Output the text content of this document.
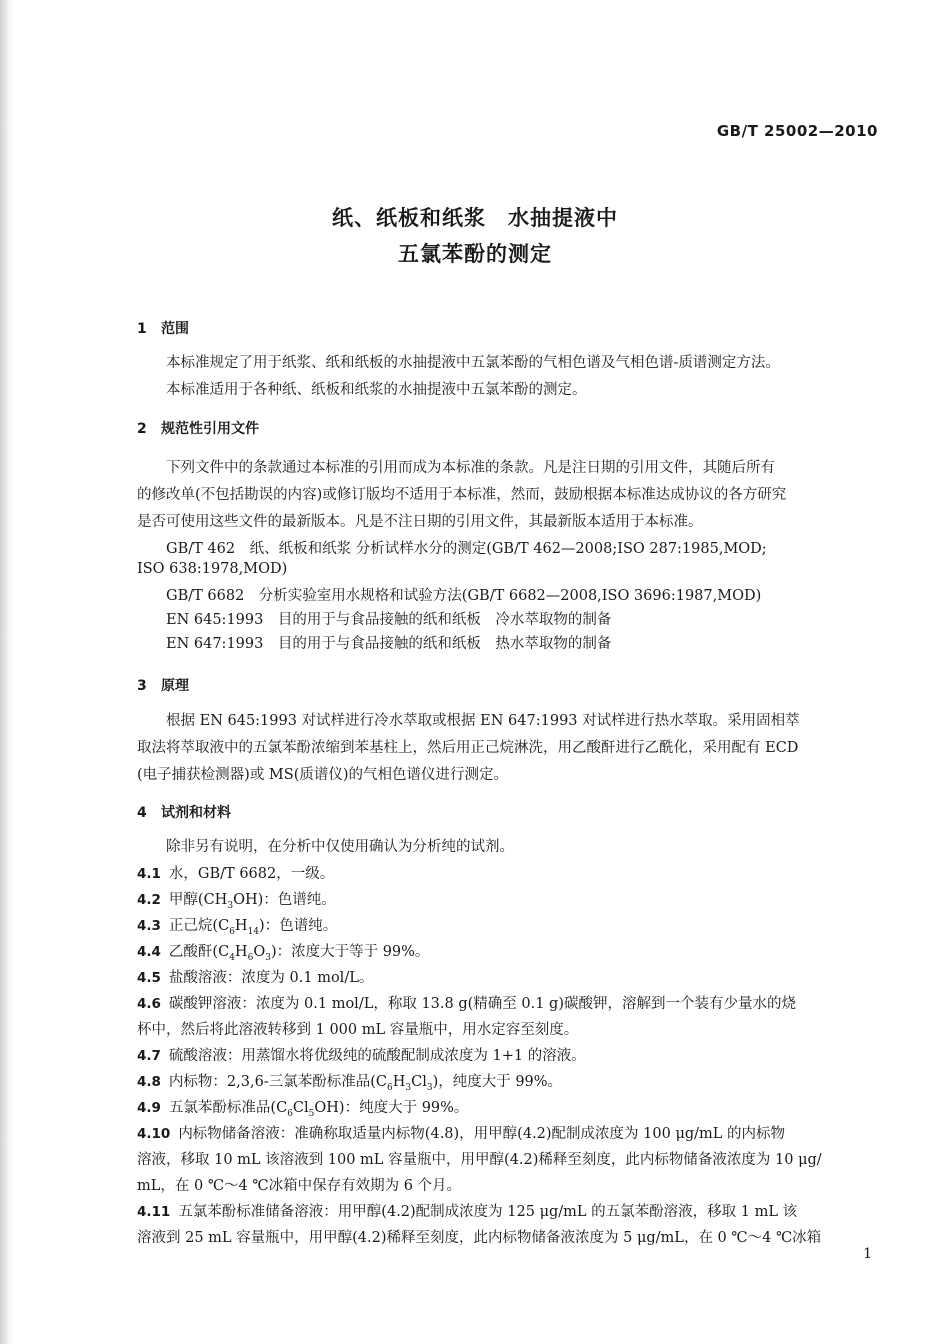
GB/T 25002—2010
纸、纸板和纸浆 水抽提液中
五氯苯酚的测定
1 范围
本标准规定了用于纸浆、纸和纸板的水抽提液中五氯苯酚的气相色谱及气相色谱-质谱测定方法。
本标准适用于各种纸、纸板和纸浆的水抽提液中五氯苯酚的测定。
2 规范性引用文件
下列文件中的条款通过本标准的引用而成为本标准的条款。凡是注日期的引用文件，其随后所有
的修改单(不包括勘误的内容)或修订版均不适用于本标准，然而，鼓励根据本标准达成协议的各方研究
是否可使用这些文件的最新版本。凡是不注日期的引用文件，其最新版本适用于本标准。
GB/T 462　纸、纸板和纸浆 分析试样水分的测定(GB/T 462—2008;ISO 287:1985,MOD;
ISO 638:1978,MOD)
GB/T 6682　分析实验室用水规格和试验方法(GB/T 6682—2008,ISO 3696:1987,MOD)
EN 645:1993　目的用于与食品接触的纸和纸板　冷水萃取物的制备
EN 647:1993　目的用于与食品接触的纸和纸板　热水萃取物的制备
3 原理
根据 EN 645:1993 对试样进行冷水萃取或根据 EN 647:1993 对试样进行热水萃取。采用固相萃
取法将萃取液中的五氯苯酚浓缩到苯基柱上，然后用正己烷淋洗，用乙酸酐进行乙酰化，采用配有 ECD
(电子捕获检测器)或 MS(质谱仪)的气相色谱仪进行测定。
4 试剂和材料
除非另有说明，在分析中仅使用确认为分析纯的试剂。
4.1 水，GB/T 6682，一级。
4.2 甲醇$(CH_3OH)$：色谱纯。
4.3 正己烷$(C_6H_{14})$：色谱纯。
4.4 乙酸酐$(C_4H_6O_3)$：浓度大于等于 99%。
4.5 盐酸溶液：浓度为 0.1 mol/L。
4.6 碳酸钾溶液：浓度为 0.1 mol/L，称取 13.8 g(精确至 0.1 g)碳酸钾，溶解到一个装有少量水的烧
杯中，然后将此溶液转移到 1 000 mL 容量瓶中，用水定容至刻度。
4.7 硫酸溶液：用蒸馏水将优级纯的硫酸配制成浓度为 1+1 的溶液。
4.8 内标物：2,3,6-三氯苯酚标准品$(C_6H_3Cl_3)$，纯度大于 99%。
4.9 五氯苯酚标准品$(C_6Cl_5OH)$：纯度大于 99%。
4.10 内标物储备溶液：准确称取适量内标物(4.8)，用甲醇(4.2)配制成浓度为 100 μg/mL 的内标物
溶液，移取 10 mL 该溶液到 100 mL 容量瓶中，用甲醇(4.2)稀释至刻度，此内标物储备液浓度为 10 μg/
mL，在 0 ℃～4 ℃冰箱中保存有效期为 6 个月。
4.11 五氯苯酚标准储备溶液：用甲醇(4.2)配制成浓度为 125 μg/mL 的五氯苯酚溶液，移取 1 mL 该
溶液到 25 mL 容量瓶中，用甲醇(4.2)稀释至刻度，此内标物储备液浓度为 5 μg/mL，在 0 ℃～4 ℃冰箱
1
